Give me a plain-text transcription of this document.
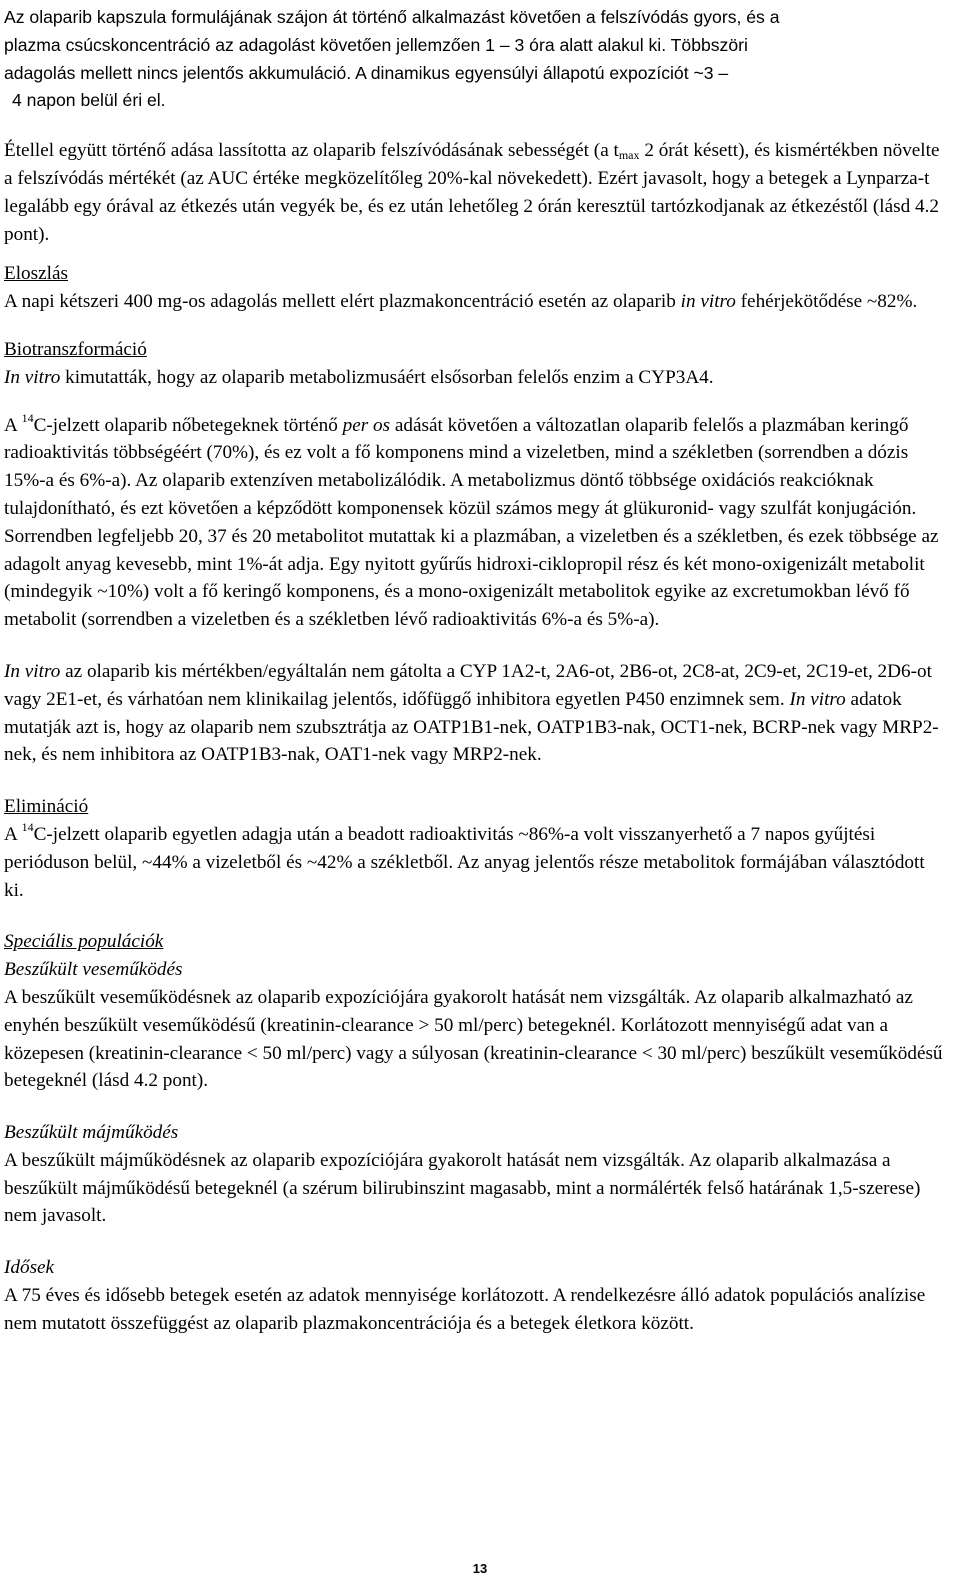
Az olaparib kapszula formulájának szájon át történő alkalmazást követően a felszívódás gyors, és a
plazma csúcskoncentráció az adagolást követően jellemzően 1 – 3 óra alatt alakul ki. Többszöri
adagolás mellett nincs jelentős akkumuláció. A dinamikus egyensúlyi állapotú expozíciót ~3 –
4 napon belül éri el.

Étellel együtt történő adása lassította az olaparib felszívódásának sebességét (a $t_{max}$ 2 órát késett), és kismértékben növelte a felszívódás mértékét (az AUC értéke megközelítőleg 20%-kal növekedett). Ezért javasolt, hogy a betegek a Lynparza-t legalább egy órával az étkezés után vegyék be, és ez után lehetőleg 2 órán keresztül tartózkodjanak az étkezéstől (lásd 4.2 pont).

Eloszlás
A napi kétszeri 400 mg-os adagolás mellett elért plazmakoncentráció esetén az olaparib in vitro fehérjekötődése ~82%.

Biotranszformáció
In vitro kimutatták, hogy az olaparib metabolizmusáért elsősorban felelős enzim a CYP3A4.

A $^{14}$C-jelzett olaparib nőbetegeknek történő per os adását követően a változatlan olaparib felelős a plazmában keringő radioaktivitás többségéért (70%), és ez volt a fő komponens mind a vizeletben, mind a székletben (sorrendben a dózis 15%-a és 6%-a). Az olaparib extenzíven metabolizálódik. A metabolizmus döntő többsége oxidációs reakcióknak tulajdonítható, és ezt követően a képződött komponensek közül számos megy át glükuronid- vagy szulfát konjugáción. Sorrendben legfeljebb 20, 37 és 20 metabolitot mutattak ki a plazmában, a vizeletben és a székletben, és ezek többsége az adagolt anyag kevesebb, mint 1%-át adja. Egy nyitott gyűrűs hidroxi-ciklopropil rész és két mono-oxigenizált metabolit (mindegyik ~10%) volt a fő keringő komponens, és a mono-oxigenizált metabolitok egyike az excretumokban lévő fő metabolit (sorrendben a vizeletben és a székletben lévő radioaktivitás 6%-a és 5%-a).

In vitro az olaparib kis mértékben/egyáltalán nem gátolta a CYP 1A2-t, 2A6-ot, 2B6-ot, 2C8-at, 2C9-et, 2C19-et, 2D6-ot vagy 2E1-et, és várhatóan nem klinikailag jelentős, időfüggő inhibitora egyetlen P450 enzimnek sem. In vitro adatok mutatják azt is, hogy az olaparib nem szubsztrátja az OATP1B1-nek, OATP1B3-nak, OCT1-nek, BCRP-nek vagy MRP2-nek, és nem inhibitora az OATP1B3-nak, OAT1-nek vagy MRP2-nek.

Elimináció
A $^{14}$C-jelzett olaparib egyetlen adagja után a beadott radioaktivitás ~86%-a volt visszanyerhető a 7 napos gyűjtési perióduson belül, ~44% a vizeletből és ~42% a székletből. Az anyag jelentős része metabolitok formájában választódott ki.

Speciális populációk
Beszűkült veseműködés
A beszűkült veseműködésnek az olaparib expozíciójára gyakorolt hatását nem vizsgálták. Az olaparib alkalmazható az enyhén beszűkült veseműködésű (kreatinin-clearance > 50 ml/perc) betegeknél. Korlátozott mennyiségű adat van a közepesen (kreatinin-clearance < 50 ml/perc) vagy a súlyosan (kreatinin-clearance < 30 ml/perc) beszűkült veseműködésű betegeknél (lásd 4.2 pont).

Beszűkült májműködés
A beszűkült májműködésnek az olaparib expozíciójára gyakorolt hatását nem vizsgálták. Az olaparib alkalmazása a beszűkült májműködésű betegeknél (a szérum bilirubinszint magasabb, mint a normálérték felső határának 1,5-szerese) nem javasolt.

Idősek
A 75 éves és idősebb betegek esetén az adatok mennyisége korlátozott. A rendelkezésre álló adatok populációs analízise nem mutatott összefüggést az olaparib plazmakoncentrációja és a betegek életkora között.

13
